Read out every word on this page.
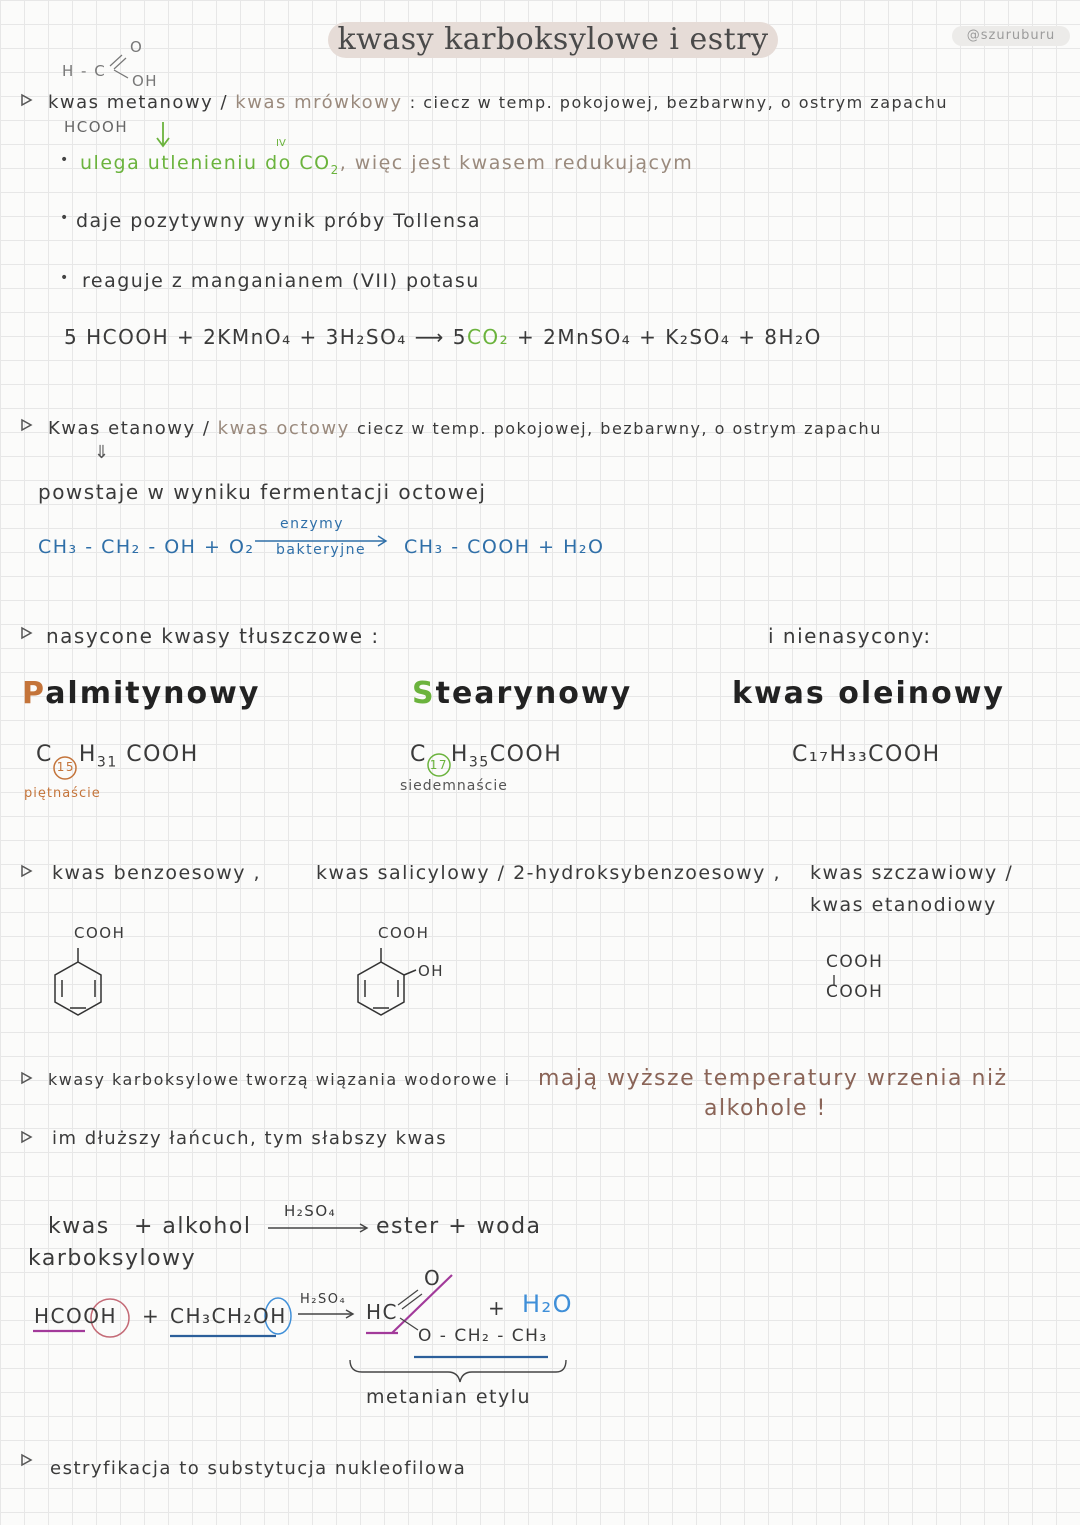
kwasy karboksylowe i estry	@szuruburu
H - C
O
OH
kwas metanowy / kwas mrówkowy : ciecz w temp. pokojowej, bezbarwny, o ostrym zapachu
HCOOH
• ulega utlenieniu do $CO_2$, więc jest kwasem redukującym
IV
• daje pozytywny wynik próby Tollensa
• reaguje z manganianem (VII) potasu
5 HCOOH + 2KMnO₄ + 3H₂SO₄ ⟶ 5CO₂ + 2MnSO₄ + K₂SO₄ + 8H₂O
Kwas etanowy / kwas octowy ciecz w temp. pokojowej, bezbarwny, o ostrym zapachu
⇓
powstaje w wyniku fermentacji octowej
CH₃ - CH₂ - OH + O₂
enzymy
bakteryjne CH₃ - COOH + H₂O
nasycone kwasy tłuszczowe :	i nienasycony:
Palmitynowy	Stearynowy	kwas oleinowy
C 15 $H_{31}$ COOH
piętnaście
C 17 $H_{35}COOH$
siedemnaście
C₁₇H₃₃COOH
kwas benzoesowy ,	kwas salicylowy / 2-hydroksybenzoesowy , kwas szczawiowy /
kwas etanodiowy
COOH	COOH
OH	COOH
COOH
kwasy karboksylowe tworzą wiązania wodorowe i mają wyższe temperatury wrzenia niż
alkohole !
im dłuższy łańcuch, tym słabszy kwas
kwas
karboksylowy
+ alkohol
H₂SO₄
ester + woda
HCOOH + CH₃CH₂OH
H₂SO₄
HC
O
O - CH₂ - CH₃
+ H₂O
metanian etylu
estryfikacja to substytucja nukleofilowa
